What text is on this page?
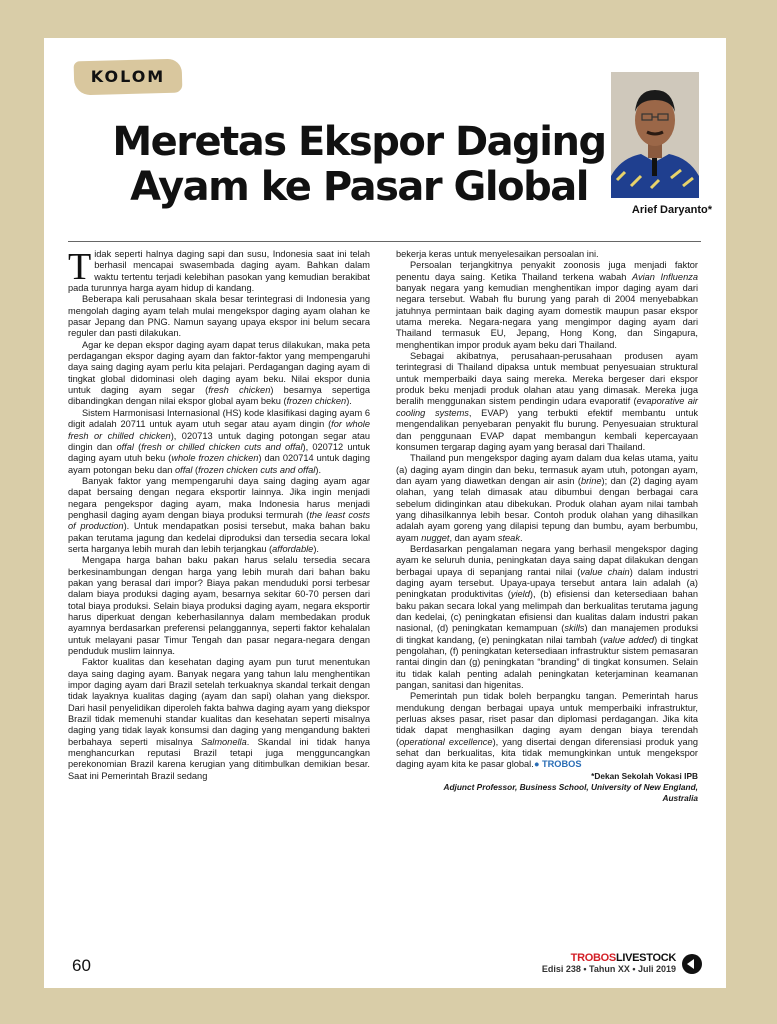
KOLOM
Meretas Ekspor Daging
Ayam ke Pasar Global	Arief Daryanto*

Tidak seperti halnya daging sapi dan susu, Indonesia saat ini telah berhasil mencapai swasembada daging ayam. Bahkan dalam waktu tertentu terjadi kelebihan pasokan yang kemudian berakibat pada turunnya harga ayam hidup di kandang.

Beberapa kali perusahaan skala besar terintegrasi di Indonesia yang mengolah daging ayam telah mulai mengekspor daging ayam olahan ke pasar Jepang dan PNG. Namun sayang upaya ekspor ini belum secara reguler dan pasti dilakukan.

Agar ke depan ekspor daging ayam dapat terus dilakukan, maka peta perdagangan ekspor daging ayam dan faktor-faktor yang mempengaruhi daya saing daging ayam perlu kita pelajari. Perdagangan daging ayam di tingkat global didominasi oleh daging ayam beku. Nilai ekspor dunia untuk daging ayam segar (fresh chicken) besarnya sepertiga dibandingkan dengan nilai ekspor global ayam beku (frozen chicken).

Sistem Harmonisasi Internasional (HS) kode klasifikasi daging ayam 6 digit adalah 20711 untuk ayam utuh segar atau ayam dingin (for whole fresh or chilled chicken), 020713 untuk daging potongan segar atau dingin dan offal (fresh or chilled chicken cuts and offal), 020712 untuk daging ayam utuh beku (whole frozen chicken) dan 020714 untuk daging ayam potongan beku dan offal (frozen chicken cuts and offal).

Banyak faktor yang mempengaruhi daya saing daging ayam agar dapat bersaing dengan negara eksportir lainnya. Jika ingin menjadi negara pengekspor daging ayam, maka Indonesia harus menjadi penghasil daging ayam dengan biaya produksi termurah (the least costs of production). Untuk mendapatkan posisi tersebut, maka bahan baku pakan terutama jagung dan kedelai diproduksi dan tersedia secara lokal serta harganya lebih murah dan lebih terjangkau (affordable).

Mengapa harga bahan baku pakan harus selalu tersedia secara berkesinambungan dengan harga yang lebih murah dari bahan baku pakan yang berasal dari impor? Biaya pakan menduduki porsi terbesar dalam biaya produksi daging ayam, besarnya sekitar 60-70 persen dari total biaya produksi. Selain biaya produksi daging ayam, negara eksportir harus diperkuat dengan keberhasilannya dalam membedakan produk ayamnya berdasarkan preferensi pelanggannya, seperti faktor kehalalan untuk melayani pasar Timur Tengah dan pasar negara-negara dengan penduduk muslim lainnya.

Faktor kualitas dan kesehatan daging ayam pun turut menentukan daya saing daging ayam. Banyak negara yang tahun lalu menghentikan impor daging ayam dari Brazil setelah terkuaknya skandal terkait dengan tidak layaknya kualitas daging (ayam dan sapi) olahan yang diekspor. Dari hasil penyelidikan diperoleh fakta bahwa daging ayam yang diekspor Brazil tidak memenuhi standar kualitas dan kesehatan seperti misalnya daging yang tidak layak konsumsi dan daging yang mengandung bakteri berbahaya seperti misalnya Salmonella. Skandal ini tidak hanya menghancurkan reputasi Brazil tetapi juga mengguncangkan perekonomian Brazil karena kerugian yang ditimbulkan demikian besar. Saat ini Pemerintah Brazil sedang

bekerja keras untuk menyelesaikan persoalan ini.

Persoalan terjangkitnya penyakit zoonosis juga menjadi faktor penentu daya saing. Ketika Thailand terkena wabah Avian Influenza banyak negara yang kemudian menghentikan impor daging ayam dari negara tersebut. Wabah flu burung yang parah di 2004 menyebabkan jatuhnya permintaan baik daging ayam domestik maupun pasar ekspor utama mereka. Negara-negara yang mengimpor daging ayam dari Thailand termasuk EU, Jepang, Hong Kong, dan Singapura, menghentikan impor produk ayam beku dari Thailand.

Sebagai akibatnya, perusahaan-perusahaan produsen ayam terintegrasi di Thailand dipaksa untuk membuat penyesuaian struktural untuk memperbaiki daya saing mereka. Mereka bergeser dari ekspor produk beku menjadi produk olahan atau yang dimasak. Mereka juga beralih menggunakan sistem pendingin udara evaporatif (evaporative air cooling systems, EVAP) yang terbukti efektif membantu untuk mengendalikan penyebaran penyakit flu burung. Penyesuaian struktural dan penggunaan EVAP dapat membangun kembali kepercayaan konsumen tergarap daging ayam yang berasal dari Thailand.

Thailand pun mengekspor daging ayam dalam dua kelas utama, yaitu (a) daging ayam dingin dan beku, termasuk ayam utuh, potongan ayam, dan ayam yang diawetkan dengan air asin (brine); dan (2) daging ayam olahan, yang telah dimasak atau dibumbui dengan berbagai cara sebelum didinginkan atau dibekukan. Produk olahan ayam nilai tambah yang dihasilkannya lebih besar. Contoh produk olahan yang dihasilkan adalah ayam goreng yang dilapisi tepung dan bumbu, ayam berbumbu, ayam nugget, dan ayam steak.

Berdasarkan pengalaman negara yang berhasil mengekspor daging ayam ke seluruh dunia, peningkatan daya saing dapat dilakukan dengan berbagai upaya di sepanjang rantai nilai (value chain) dalam industri daging ayam tersebut. Upaya-upaya tersebut antara lain adalah (a) peningkatan produktivitas (yield), (b) efisiensi dan ketersediaan bahan baku pakan secara lokal yang melimpah dan berkualitas terutama jagung dan kedelai, (c) peningkatan efisiensi dan kualitas dalam industri pakan nasional, (d) peningkatan kemampuan (skills) dan manajemen produksi di tingkat kandang, (e) peningkatan nilai tambah (value added) di tingkat pengolahan, (f) peningkatan ketersediaan infrastruktur sistem pemasaran rantai dingin dan (g) peningkatan “branding” di tingkat konsumen. Selain itu tidak kalah penting adalah peningkatan keterjaminan keamanan pangan, sanitasi dan higenitas.

Pemerintah pun tidak boleh berpangku tangan. Pemerintah harus mendukung dengan berbagai upaya untuk memperbaiki infrastruktur, perluas akses pasar, riset pasar dan diplomasi perdagangan. Jika kita tidak dapat menghasilkan daging ayam dengan biaya terendah (operational excellence), yang disertai dengan diferensiasi produk yang sehat dan berkualitas, kita tidak memungkinkan untuk mengekspor daging ayam kita ke pasar global.● TROBOS

*Dekan Sekolah Vokasi IPB

Adjunct Professor, Business School, University of New England, Australia

60	TROBOSLIVESTOCK
Edisi 238 • Tahun XX • Juli 2019
